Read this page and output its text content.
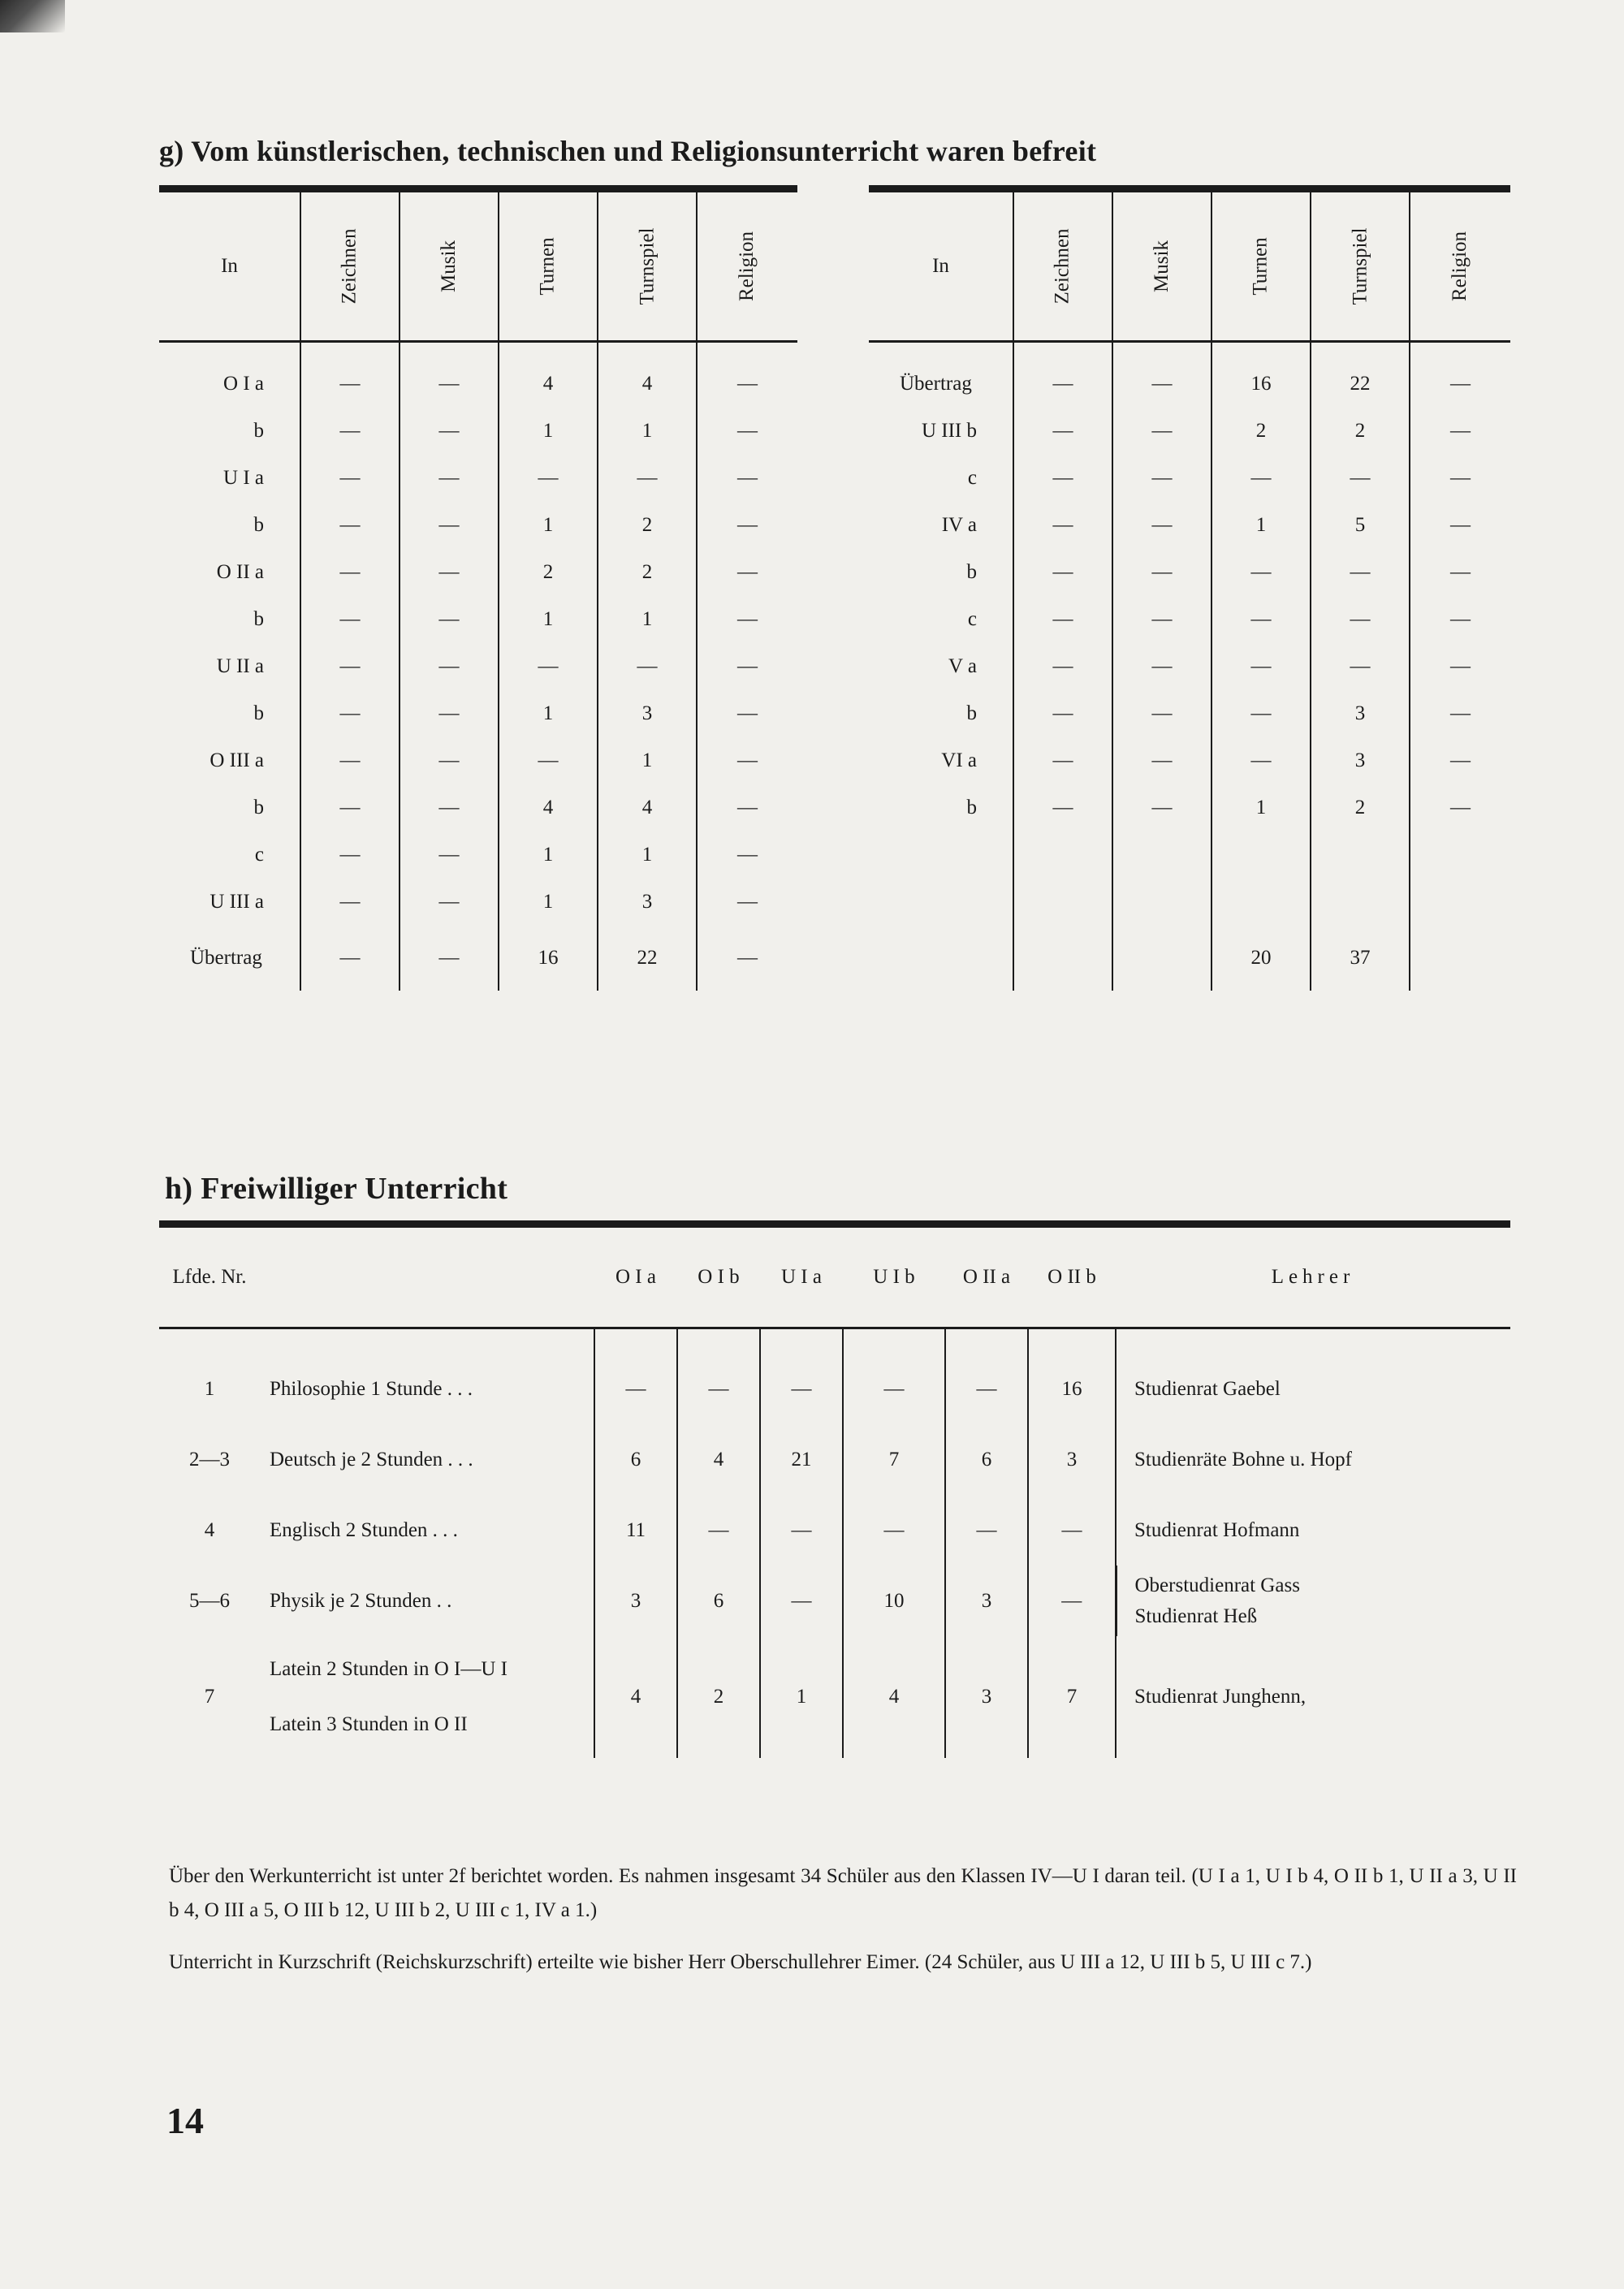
g) Vom künstlerischen, technischen und Religionsunterricht waren befreit
In	Zeichnen	Musik	Turnen	Turnspiel	Religion
O I a	—	—	4	4	—
b	—	—	1	1	—
U I a	—	—	—	—	—
b	—	—	1	2	—
O II a	—	—	2	2	—
b	—	—	1	1	—
U II a	—	—	—	—	—
b	—	—	1	3	—
O III a	—	—	—	1	—
b	—	—	4	4	—
c	—	—	1	1	—
U III a	—	—	1	3	—
Übertrag	—	—	16	22	—
In	Zeichnen	Musik	Turnen	Turnspiel	Religion
Übertrag	—	—	16	22	—
U III b	—	—	2	2	—
c	—	—	—	—	—
IV a	—	—	1	5	—
b	—	—	—	—	—
c	—	—	—	—	—
V a	—	—	—	—	—
b	—	—	—	3	—
VI a	—	—	—	3	—
b	—	—	1	2	—

			20	37	
h) Freiwilliger Unterricht
Lfde. Nr.		O I a	O I b	U I a	U I b	O II a	O II b	Lehrer
1	Philosophie 1 Stunde . . .	—	—	—	—	—	16	Studienrat Gaebel
2—3	Deutsch je 2 Stunden . . .	6	4	21	7	6	3	Studienräte Bohne u. Hopf
4	Englisch 2 Stunden . . .	11	—	—	—	—	—	Studienrat Hofmann
5—6	Physik je 2 Stunden . .	3	6	—	10	3	—	Oberstudienrat Gass
Studienrat Heß

7	Latein 2 Stunden in O I—U I
Latein 3 Stunden in O II	4	2	1	4	3	7	Studienrat Junghenn,

Über den Werkunterricht ist unter 2f berichtet worden. Es nahmen insgesamt 34 Schüler aus den Klassen IV—U I daran teil. (U I a 1, U I b 4, O II b 1, U II a 3, U II b 4, O III a 5, O III b 12, U III b 2, U III c 1, IV a 1.)

Unterricht in Kurzschrift (Reichskurzschrift) erteilte wie bisher Herr Oberschullehrer Eimer. (24 Schüler, aus U III a 12, U III b 5, U III c 7.)

14
